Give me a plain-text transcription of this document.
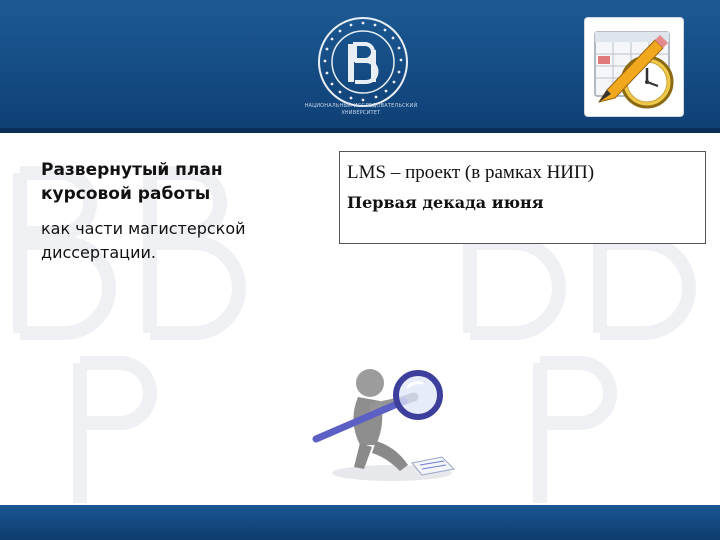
НАЦИОНАЛЬНЫЙ ИССЛЕДОВАТЕЛЬСКИЙ
УНИВЕРСИТЕТ
Развернутый план
курсовой работы
как части магистерской
диссертации.
LMS – проект (в рамках НИП)
Первая декада июня
